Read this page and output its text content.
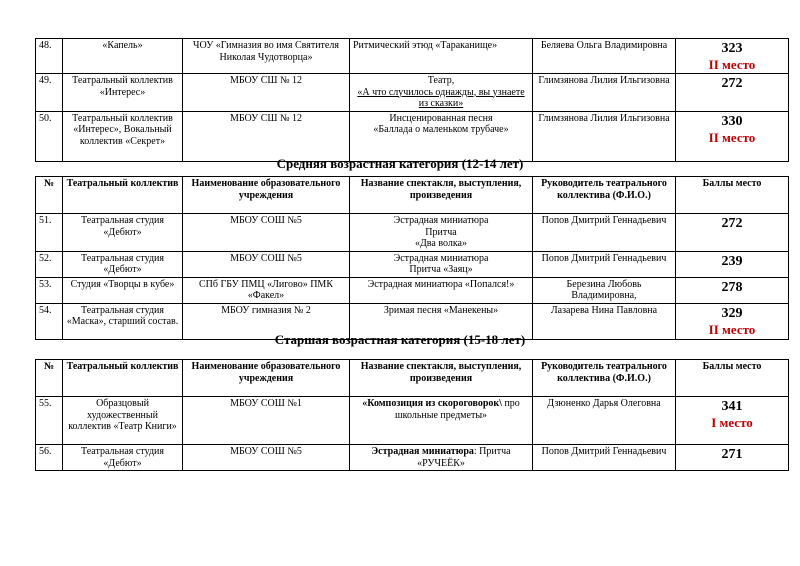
48.	«Капель»	ЧОУ «Гимназия во имя Святителя Николая Чудотворца»	Ритмический этюд «Тараканище»	Беляева Ольга Владимировна	323
II место

49.	Театральный коллектив «Интерес»	МБОУ СШ № 12	Театр,
«А что случилось однажды, вы узнаете из сказки»	Глимзянова Лилия Ильгизовна	272

50.	Театральный коллектив «Интерес», Вокальный коллектив «Секрет»	МБОУ СШ № 12	Инсценированная песня
«Баллада о маленьком трубаче»	Глимзянова Лилия Ильгизовна	330
II место
Средняя возрастная категория (12-14 лет)
№	Театральный коллектив	Наименование образовательного учреждения	Название спектакля, выступления, произведения	Руководитель театрального коллектива (Ф.И.О.)	Баллы место
51.	Театральная студия «Дебют»	МБОУ СОШ №5	Эстрадная миниатюра
Притча
«Два волка»	Попов Дмитрий Геннадьевич	272

52.	Театральная студия «Дебют»	МБОУ СОШ №5	Эстрадная миниатюра
Притча «Заяц»	Попов Дмитрий Геннадьевич	239

53.	Студия «Творцы в кубе»	СПб ГБУ ПМЦ «Лигово» ПМК «Факел»	Эстрадная миниатюра «Попался!»	Березина Любовь Владимировна,	278

54.	Театральная студия «Маска», старший состав.	МБОУ гимназия № 2	Зримая песня «Манекены»	Лазарева Нина Павловна	329
II место
Старшая возрастная категория (15-18 лет)
№	Театральный коллектив	Наименование образовательного учреждения	Название спектакля, выступления, произведения	Руководитель театрального коллектива (Ф.И.О.)	Баллы место
55.	Образцовый художественный коллектив «Театр Книги»	МБОУ СОШ №1	«Композиция из скороговорок\ про школьные предметы»	Дзюненко Дарья Олеговна	341
I место

56.	Театральная студия «Дебют»	МБОУ СОШ №5	Эстрадная миниатюра: Притча «РУЧЕЁК»	Попов Дмитрий Геннадьевич	271
